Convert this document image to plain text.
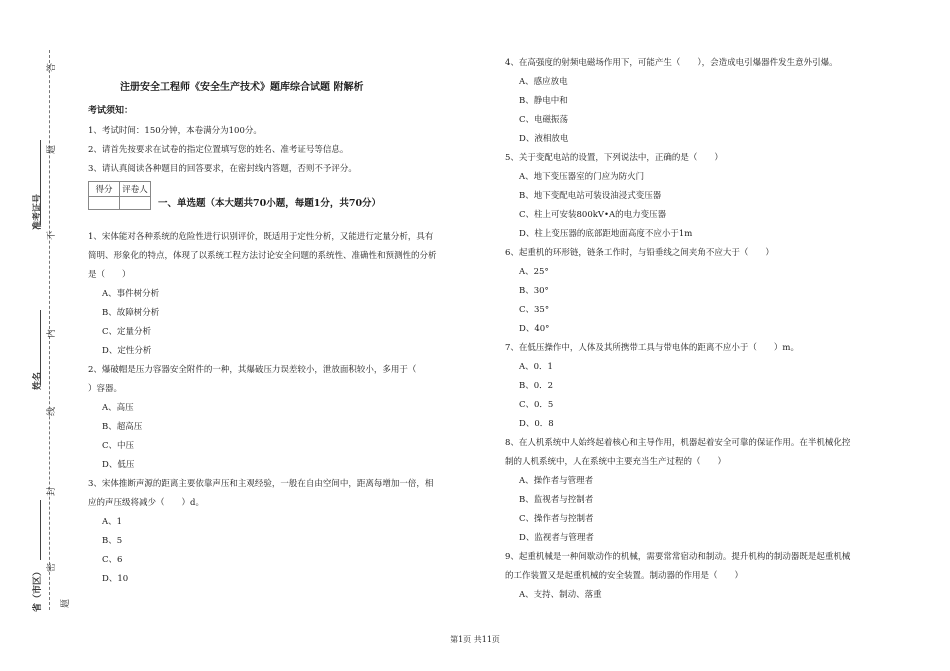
答
题
不
内
线
封
密
准考证号
姓名
省（市区）	题
注册安全工程师《安全生产技术》题库综合试题 附解析
考试须知：
1、考试时间：150分钟，本卷满分为100分。
2、请首先按要求在试卷的指定位置填写您的姓名、准考证号等信息。
3、请认真阅读各种题目的回答要求，在密封线内答题，否则不予评分。
得分	评卷人

一、单选题（本大题共70小题，每题1分，共70分）
1、宋体能对各种系统的危险性进行识别评价，既适用于定性分析，又能进行定量分析，具有
简明、形象化的特点，体现了以系统工程方法讨论安全问题的系统性、准确性和预测性的分析
是（　　）
A、事件树分析
B、故障树分析
C、定量分析
D、定性分析
2、爆破帽是压力容器安全附件的一种，其爆破压力误差较小，泄放面积较小，多用于（
）容器。
A、高压
B、超高压
C、中压
D、低压
3、宋体推断声源的距离主要依靠声压和主观经验，一般在自由空间中，距离每增加一倍，相
应的声压级将减少（　　）d。
A、1
B、5
C、6
D、10
4、在高强度的射频电磁场作用下，可能产生（　　），会造成电引爆器件发生意外引爆。
A、感应放电
B、静电中和
C、电磁振荡
D、液相放电
5、关于变配电站的设置，下列说法中，正确的是（　　）
A、地下变压器室的门应为防火门
B、地下变配电站可装设油浸式变压器
C、柱上可安装800kV•A的电力变压器
D、柱上变压器的底部距地面高度不应小于1m
6、起重机的环形链，链条工作时，与铅垂线之间夹角不应大于（　　）
A、25°
B、30°
C、35°
D、40°
7、在低压操作中，人体及其所携带工具与带电体的距离不应小于（　　）m。
A、0．1
B、0．2
C、0．5
D、0．8
8、在人机系统中人始终起着核心和主导作用，机器起着安全可靠的保证作用。在半机械化控
制的人机系统中，人在系统中主要充当生产过程的（　　）
A、操作者与管理者
B、监视者与控制者
C、操作者与控制者
D、监视者与管理者
9、起重机械是一种间歇动作的机械，需要常常宿动和制动。提升机构的制动器既是起重机械
的工作装置又是起重机械的安全装置。制动器的作用是（　　）
A、支持、制动、落重
第1页 共11页
